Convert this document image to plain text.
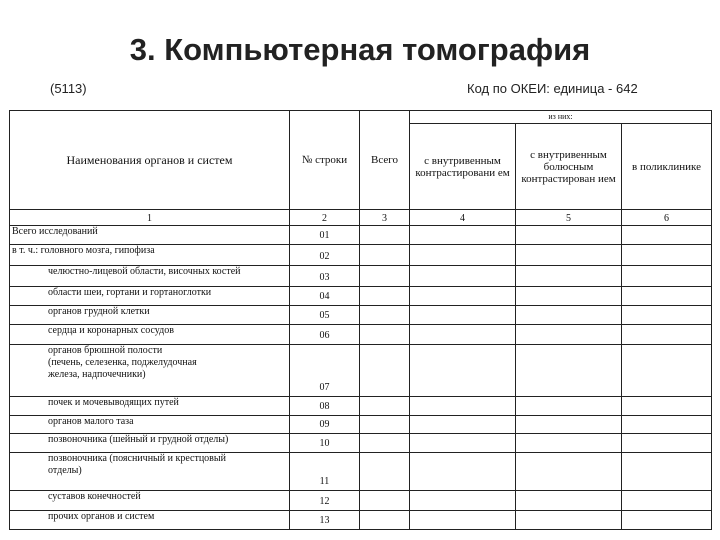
3. Компьютерная томография
(5113)	Код по ОКЕИ: единица - 642
Наименования органов и систем	№ строки	Всего	из них:		
			с внутривенным контрастировани ем	с внутривенным болюсным контрастирован ием	в поликлинике
1	2	3	4	5	6
Всего исследований	01				
в т. ч.: головного мозга, гипофиза	02				
челюстно-лицевой области, височных костей	03				
области шеи, гортани и гортаноглотки	04				
органов грудной клетки	05				
сердца и коронарных сосудов	06				
органов брюшной полости (печень, селезенка, поджелудочная железа, надпочечники)	07				
почек и мочевыводящих путей	08				
органов малого таза	09				
позвоночника (шейный и грудной отделы)	10				
позвоночника (поясничный и крестцовый отделы)	11				
суставов конечностей	12				
прочих органов и систем	13				
